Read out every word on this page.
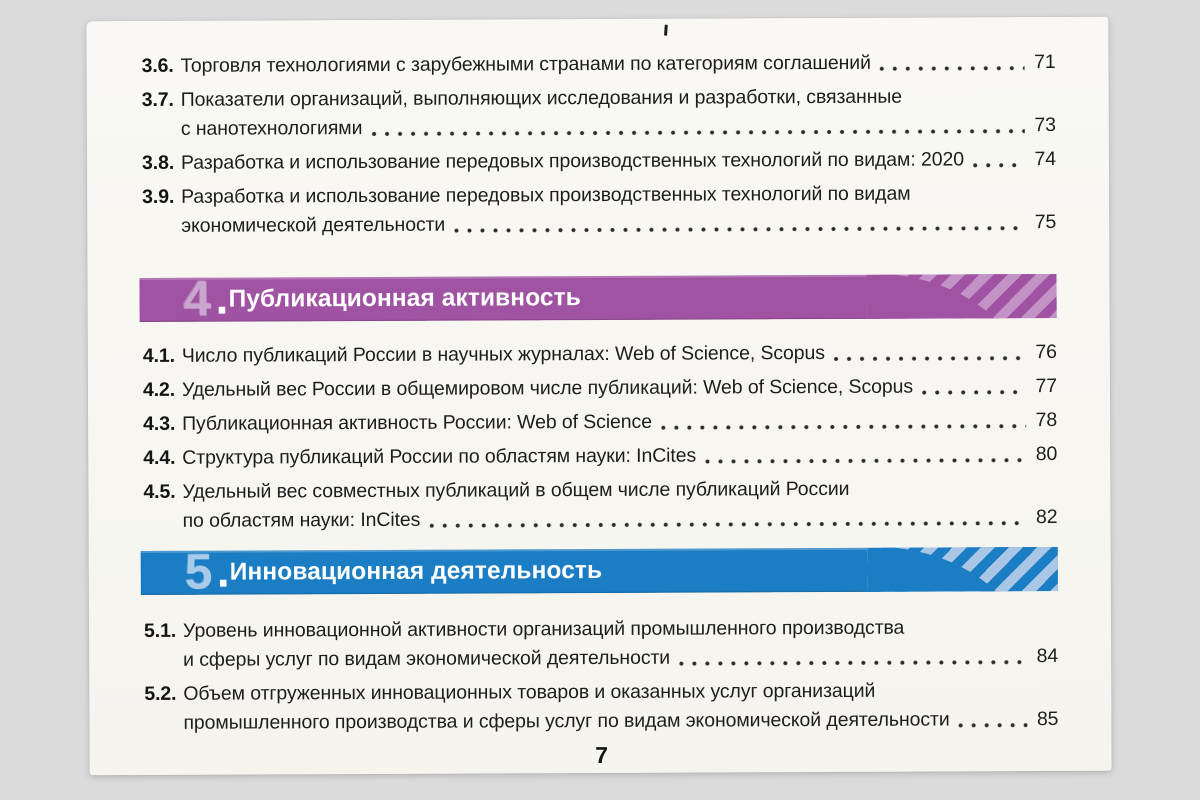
3.6. Торговля технологиями с зарубежными странами по категориям соглашений	71
3.7. Показатели организаций, выполняющих исследования и разработки, связанные
с нанотехнологиями	73
3.8. Разработка и использование передовых производственных технологий по видам: 2020	74
3.9. Разработка и использование передовых производственных технологий по видам
экономической деятельности	75
4 . Публикационная активность
4.1. Число публикаций России в научных журналах: Web of Science, Scopus	76
4.2. Удельный вес России в общемировом числе публикаций: Web of Science, Scopus	77
4.3. Публикационная активность России: Web of Science	78
4.4. Структура публикаций России по областям науки: InCites	80
4.5. Удельный вес совместных публикаций в общем числе публикаций России
по областям науки: InCites	82
5 . Инновационная деятельность
5.1. Уровень инновационной активности организаций промышленного производства
и сферы услуг по видам экономической деятельности	84
5.2. Объем отгруженных инновационных товаров и оказанных услуг организаций
промышленного производства и сферы услуг по видам экономической деятельности	85
7
